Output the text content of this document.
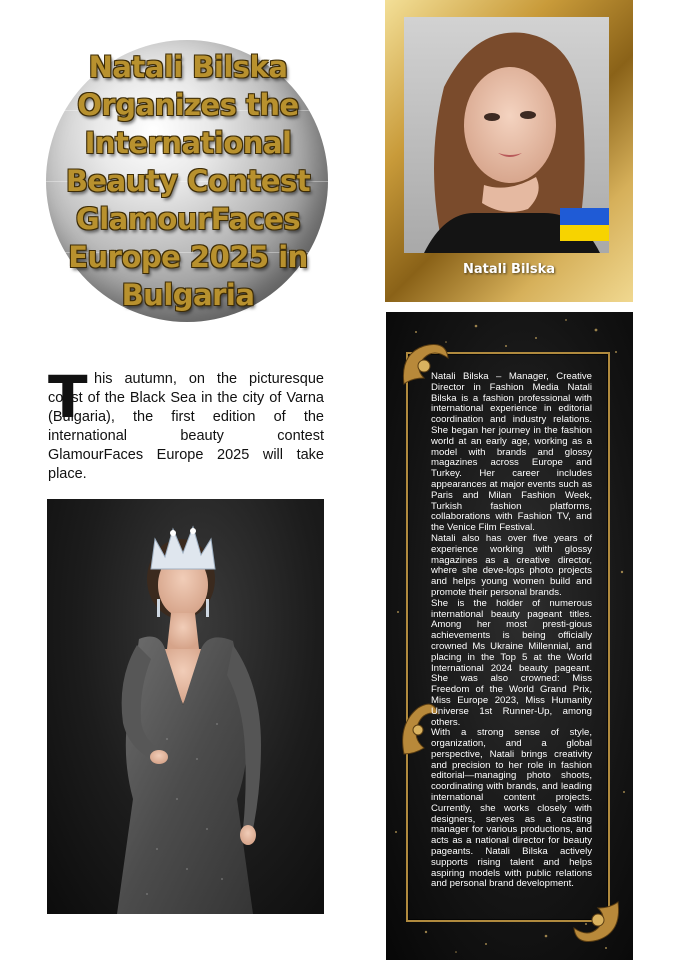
Natali Bilska Organizes the International Beauty Contest GlamourFaces Europe 2025 in Bulgaria
T his autumn, on the picturesque coast of the Black Sea in the city of Varna (Bulgaria), the first edition of the international beauty contest GlamourFaces Europe 2025 will take place.

Natali Bilska

Natali Bilska – Manager, Creative Director in Fashion Media Natali Bilska is a fashion professional with international experience in editorial coordination and industry relations. She began her journey in the fashion world at an early age, working as a model with brands and glossy magazines across Europe and Turkey. Her career includes appearances at major events such as Paris and Milan Fashion Week, Turkish fashion platforms, collaborations with Fashion TV, and the Venice Film Festival.

Natali also has over five years of experience working with glossy magazines as a creative director, where she deve-lops photo projects and helps young women build and promote their personal brands.

She is the holder of numerous international beauty pageant titles. Among her most presti-gious achievements is being officially crowned Ms Ukraine Millennial, and placing in the Top 5 at the World International 2024 beauty pageant. She was also crowned: Miss Freedom of the World Grand Prix, Miss Europe 2023, Miss Humanity Universe 1st Runner-Up, among others.

With a strong sense of style, organization, and a global perspective, Natali brings creativity and precision to her role in fashion editorial—managing photo shoots, coordinating with brands, and leading international content projects. Currently, she works closely with designers, serves as a casting manager for various productions, and acts as a national director for beauty pageants. Natali Bilska actively supports rising talent and helps aspiring models with public relations and personal brand development.
